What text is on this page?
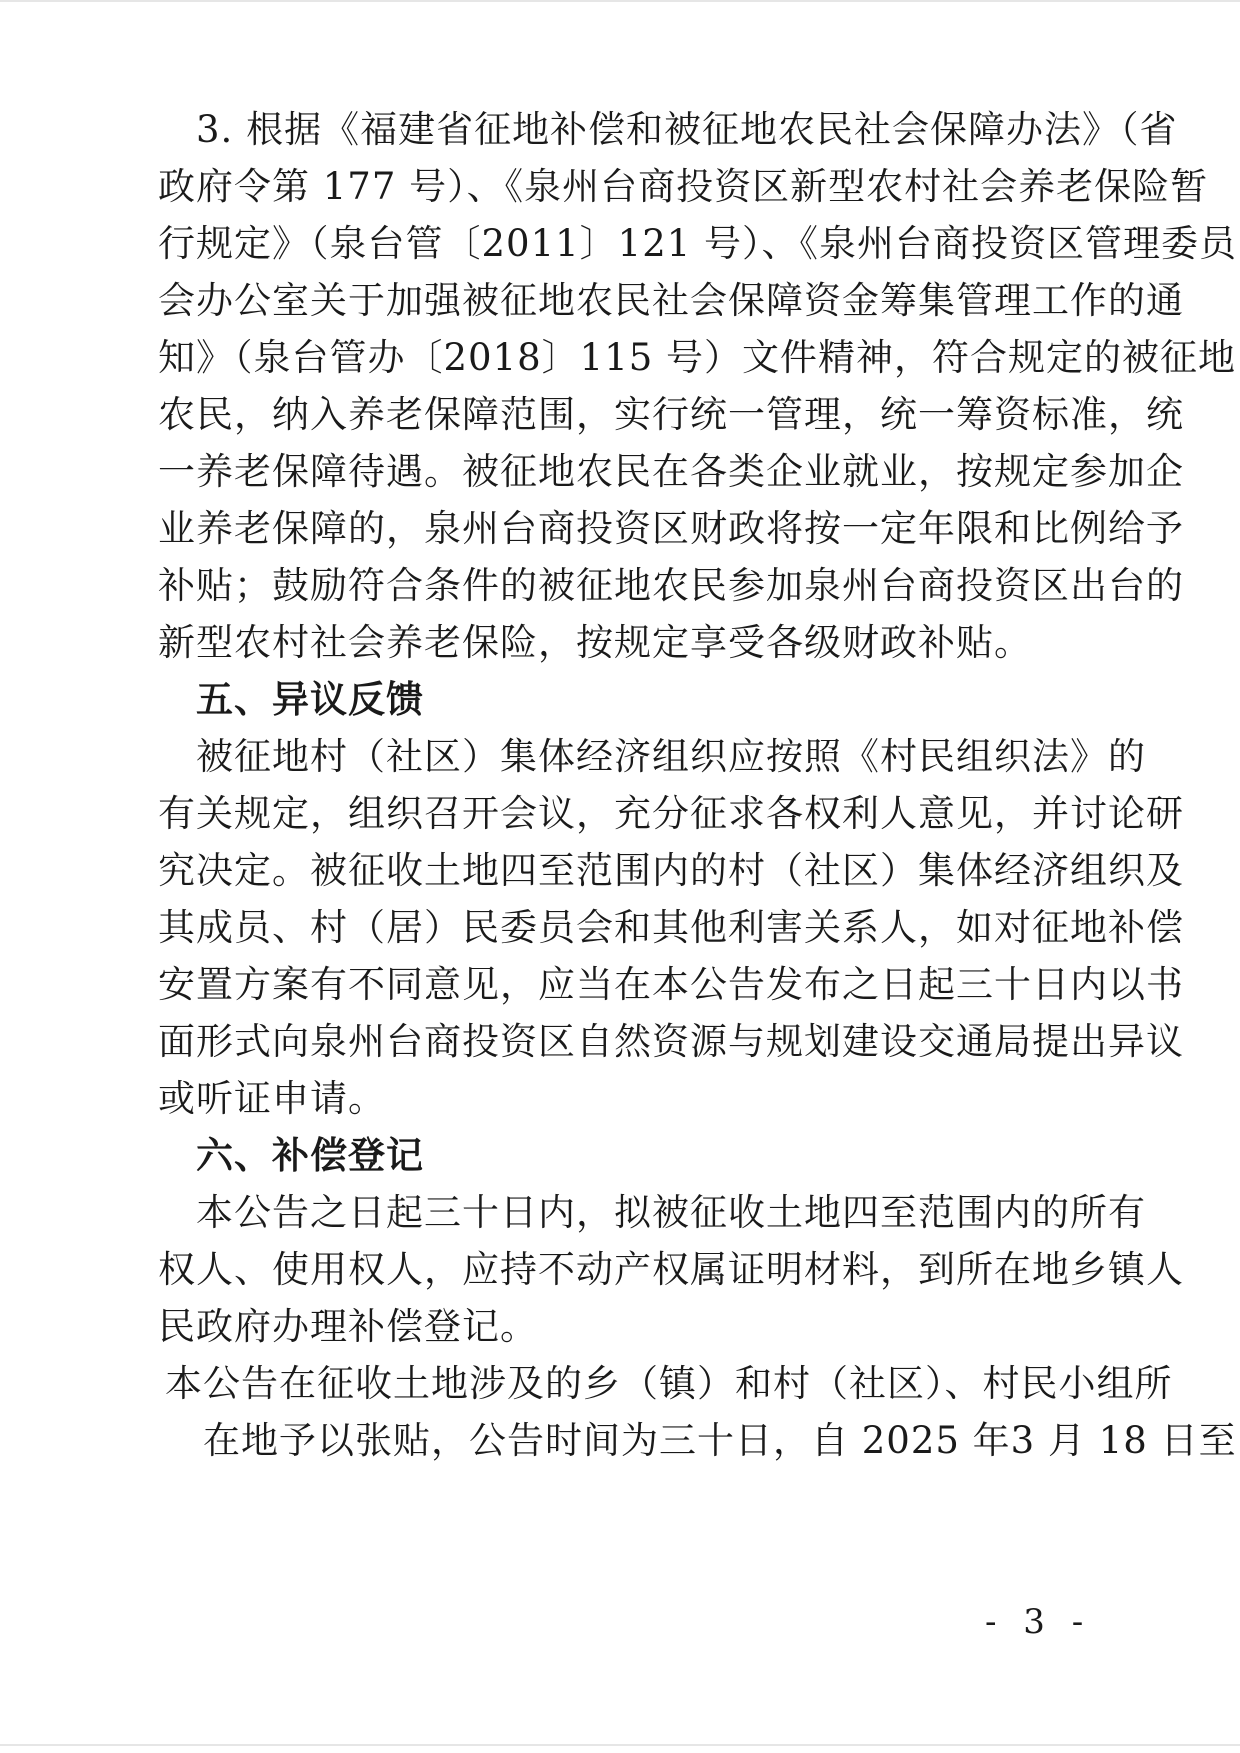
　3. 根据《福建省征地补偿和被征地农民社会保障办法》（省
政府令第 177 号）、《泉州台商投资区新型农村社会养老保险暂
行规定》（泉台管〔2011〕121 号）、《泉州台商投资区管理委员
会办公室关于加强被征地农民社会保障资金筹集管理工作的通
知》（泉台管办〔2018〕115 号）文件精神，符合规定的被征地
农民，纳入养老保障范围，实行统一管理，统一筹资标准，统
一养老保障待遇。被征地农民在各类企业就业，按规定参加企
业养老保障的，泉州台商投资区财政将按一定年限和比例给予
补贴；鼓励符合条件的被征地农民参加泉州台商投资区出台的
新型农村社会养老保险，按规定享受各级财政补贴。
　五、异议反馈
　被征地村（社区）集体经济组织应按照《村民组织法》的
有关规定，组织召开会议，充分征求各权利人意见，并讨论研
究决定。被征收土地四至范围内的村（社区）集体经济组织及
其成员、村（居）民委员会和其他利害关系人，如对征地补偿
安置方案有不同意见，应当在本公告发布之日起三十日内以书
面形式向泉州台商投资区自然资源与规划建设交通局提出异议
或听证申请。
　六、补偿登记
　本公告之日起三十日内，拟被征收土地四至范围内的所有
权人、使用权人，应持不动产权属证明材料，到所在地乡镇人
民政府办理补偿登记。
本公告在征收土地涉及的乡（镇）和村（社区）、村民小组所
　在地予以张贴，公告时间为三十日，自 2025 年3 月 18 日至
- 3 -
